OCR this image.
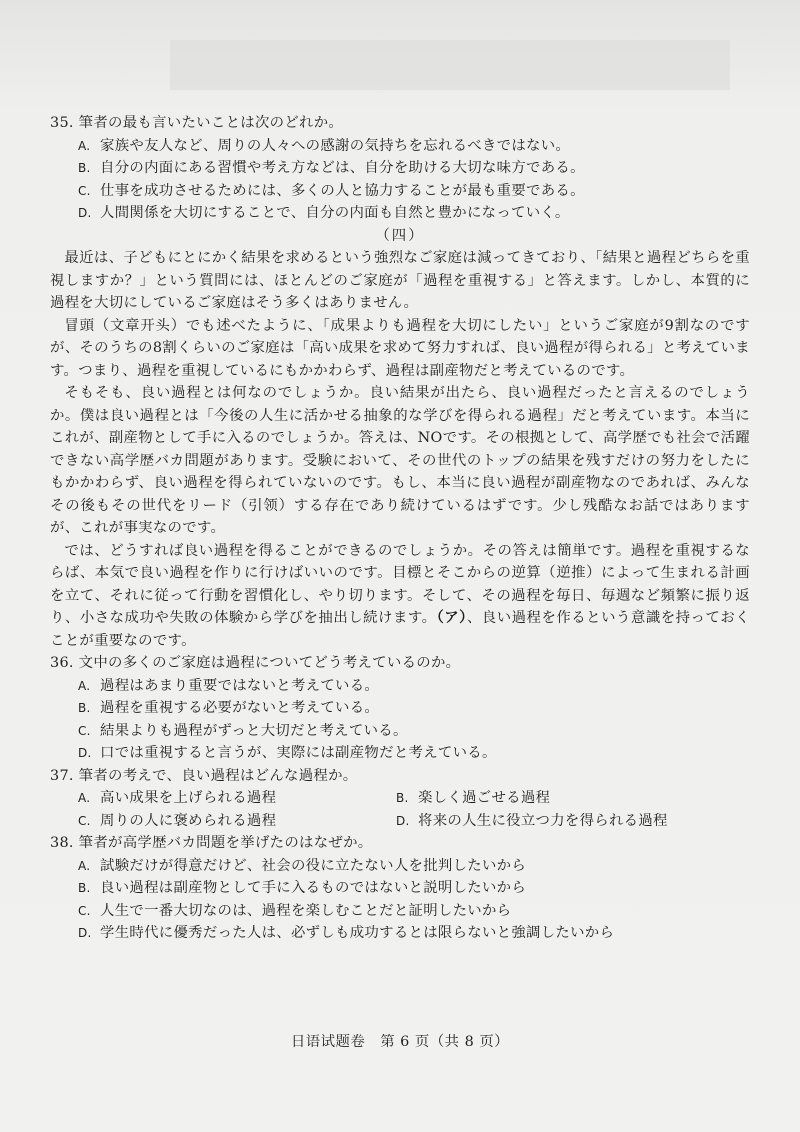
35. 筆者の最も言いたいことは次のどれか。

A. 家族や友人など、周りの人々への感謝の気持ちを忘れるべきではない。

B. 自分の内面にある習慣や考え方などは、自分を助ける大切な味方である。

C. 仕事を成功させるためには、多くの人と協力することが最も重要である。

D. 人間関係を大切にすることで、自分の内面も自然と豊かになっていく。

（四）

最近は、子どもにとにかく結果を求めるという強烈なご家庭は減ってきており、「結果と過程どちらを重視しますか？」という質問には、ほとんどのご家庭が「過程を重視する」と答えます。しかし、本質的に過程を大切にしているご家庭はそう多くはありません。

冒頭（文章开头）でも述べたように、「成果よりも過程を大切にしたい」というご家庭が9割なのですが、そのうちの8割くらいのご家庭は「高い成果を求めて努力すれば、良い過程が得られる」と考えています。つまり、過程を重視しているにもかかわらず、過程は副産物だと考えているのです。

そもそも、良い過程とは何なのでしょうか。良い結果が出たら、良い過程だったと言えるのでしょうか。僕は良い過程とは「今後の人生に活かせる抽象的な学びを得られる過程」だと考えています。本当にこれが、副産物として手に入るのでしょうか。答えは、NOです。その根拠として、高学歴でも社会で活躍できない高学歴バカ問題があります。受験において、その世代のトップの結果を残すだけの努力をしたにもかかわらず、良い過程を得られていないのです。もし、本当に良い過程が副産物なのであれば、みんなその後もその世代をリード（引领）する存在であり続けているはずです。少し残酷なお話ではありますが、これが事実なのです。

では、どうすれば良い過程を得ることができるのでしょうか。その答えは簡単です。過程を重視するならば、本気で良い過程を作りに行けばいいのです。目標とそこからの逆算（逆推）によって生まれる計画を立て、それに従って行動を習慣化し、やり切ります。そして、その過程を毎日、毎週など頻繁に振り返り、小さな成功や失敗の体験から学びを抽出し続けます。（ア）、良い過程を作るという意識を持っておくことが重要なのです。

36. 文中の多くのご家庭は過程についてどう考えているのか。

A. 過程はあまり重要ではないと考えている。

B. 過程を重視する必要がないと考えている。

C. 結果よりも過程がずっと大切だと考えている。

D. 口では重視すると言うが、実際には副産物だと考えている。

37. 筆者の考えで、良い過程はどんな過程か。

A. 高い成果を上げられる過程	B. 楽しく過ごせる過程
C. 周りの人に褒められる過程	D. 将来の人生に役立つ力を得られる過程

38. 筆者が高学歴バカ問題を挙げたのはなぜか。

A. 試験だけが得意だけど、社会の役に立たない人を批判したいから

B. 良い過程は副産物として手に入るものではないと説明したいから

C. 人生で一番大切なのは、過程を楽しむことだと証明したいから

D. 学生時代に優秀だった人は、必ずしも成功するとは限らないと強調したいから

日语试题卷　第 6 页（共 8 页）
